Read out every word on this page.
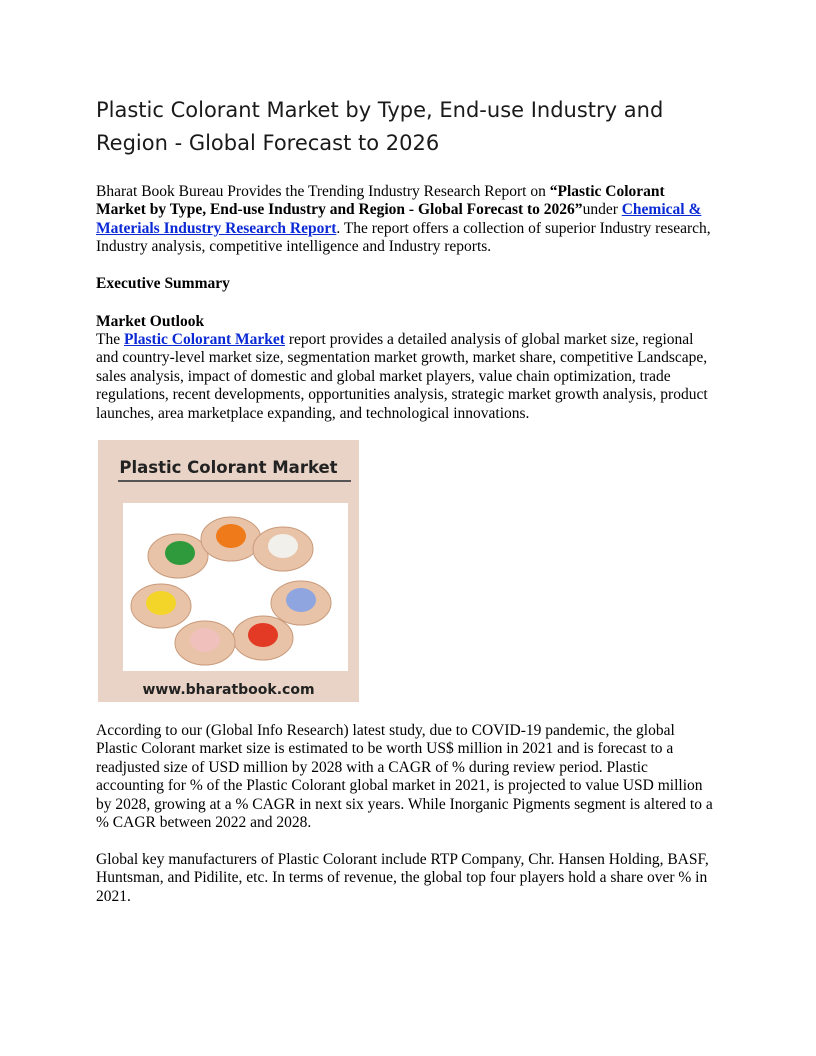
Plastic Colorant Market by Type, End-use Industry and Region - Global Forecast to 2026

Bharat Book Bureau Provides the Trending Industry Research Report on “Plastic Colorant Market by Type, End-use Industry and Region - Global Forecast to 2026”under Chemical & Materials Industry Research Report. The report offers a collection of superior Industry research, Industry analysis, competitive intelligence and Industry reports.

Executive Summary
Market Outlook

The Plastic Colorant Market report provides a detailed analysis of global market size, regional and country-level market size, segmentation market growth, market share, competitive Landscape, sales analysis, impact of domestic and global market players, value chain optimization, trade regulations, recent developments, opportunities analysis, strategic market growth analysis, product launches, area marketplace expanding, and technological innovations.

Plastic Colorant Market
www.bharatbook.com

According to our (Global Info Research) latest study, due to COVID-19 pandemic, the global Plastic Colorant market size is estimated to be worth US$ million in 2021 and is forecast to a readjusted size of USD million by 2028 with a CAGR of % during review period. Plastic accounting for % of the Plastic Colorant global market in 2021, is projected to value USD million by 2028, growing at a % CAGR in next six years. While Inorganic Pigments segment is altered to a % CAGR between 2022 and 2028.

Global key manufacturers of Plastic Colorant include RTP Company, Chr. Hansen Holding, BASF, Huntsman, and Pidilite, etc. In terms of revenue, the global top four players hold a share over % in 2021.
